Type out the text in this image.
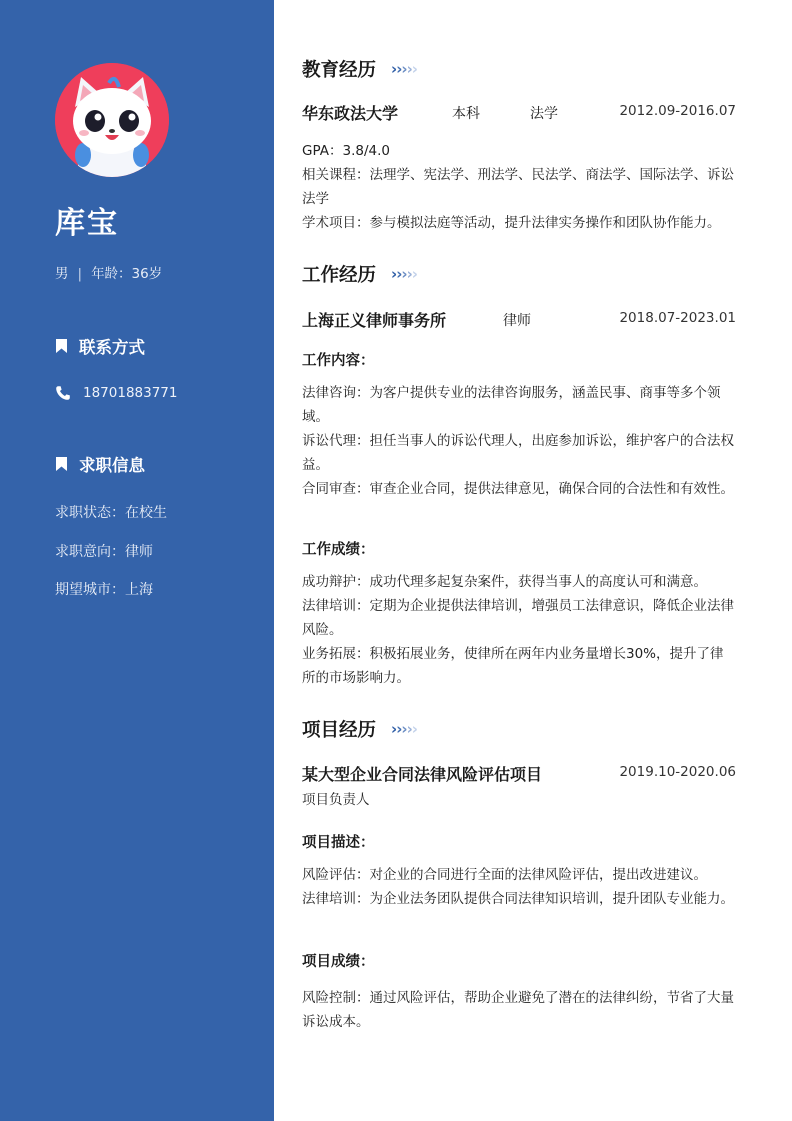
库宝
男 | 年龄：36岁
联系方式
18701883771
求职信息
求职状态：在校生
求职意向：律师
期望城市：上海
教育经历 › › › › ›
华东政法大学	本科	法学	2012.09-2016.07
GPA：3.8/4.0
相关课程：法理学、宪法学、刑法学、民法学、商法学、国际法学、诉讼法学
学术项目：参与模拟法庭等活动，提升法律实务操作和团队协作能力。
工作经历 › › › › ›
上海正义律师事务所	律师	2018.07-2023.01
工作内容：
法律咨询：为客户提供专业的法律咨询服务，涵盖民事、商事等多个领域。
诉讼代理：担任当事人的诉讼代理人，出庭参加诉讼，维护客户的合法权益。
合同审查：审查企业合同，提供法律意见，确保合同的合法性和有效性。
工作成绩：
成功辩护：成功代理多起复杂案件，获得当事人的高度认可和满意。
法律培训：定期为企业提供法律培训，增强员工法律意识，降低企业法律风险。
业务拓展：积极拓展业务，使律所在两年内业务量增长30%，提升了律所的市场影响力。
项目经历 › › › › ›
某大型企业合同法律风险评估项目	2019.10-2020.06
项目负责人
项目描述：
风险评估：对企业的合同进行全面的法律风险评估，提出改进建议。
法律培训：为企业法务团队提供合同法律知识培训，提升团队专业能力。
项目成绩：
风险控制：通过风险评估，帮助企业避免了潜在的法律纠纷，节省了大量诉讼成本。
